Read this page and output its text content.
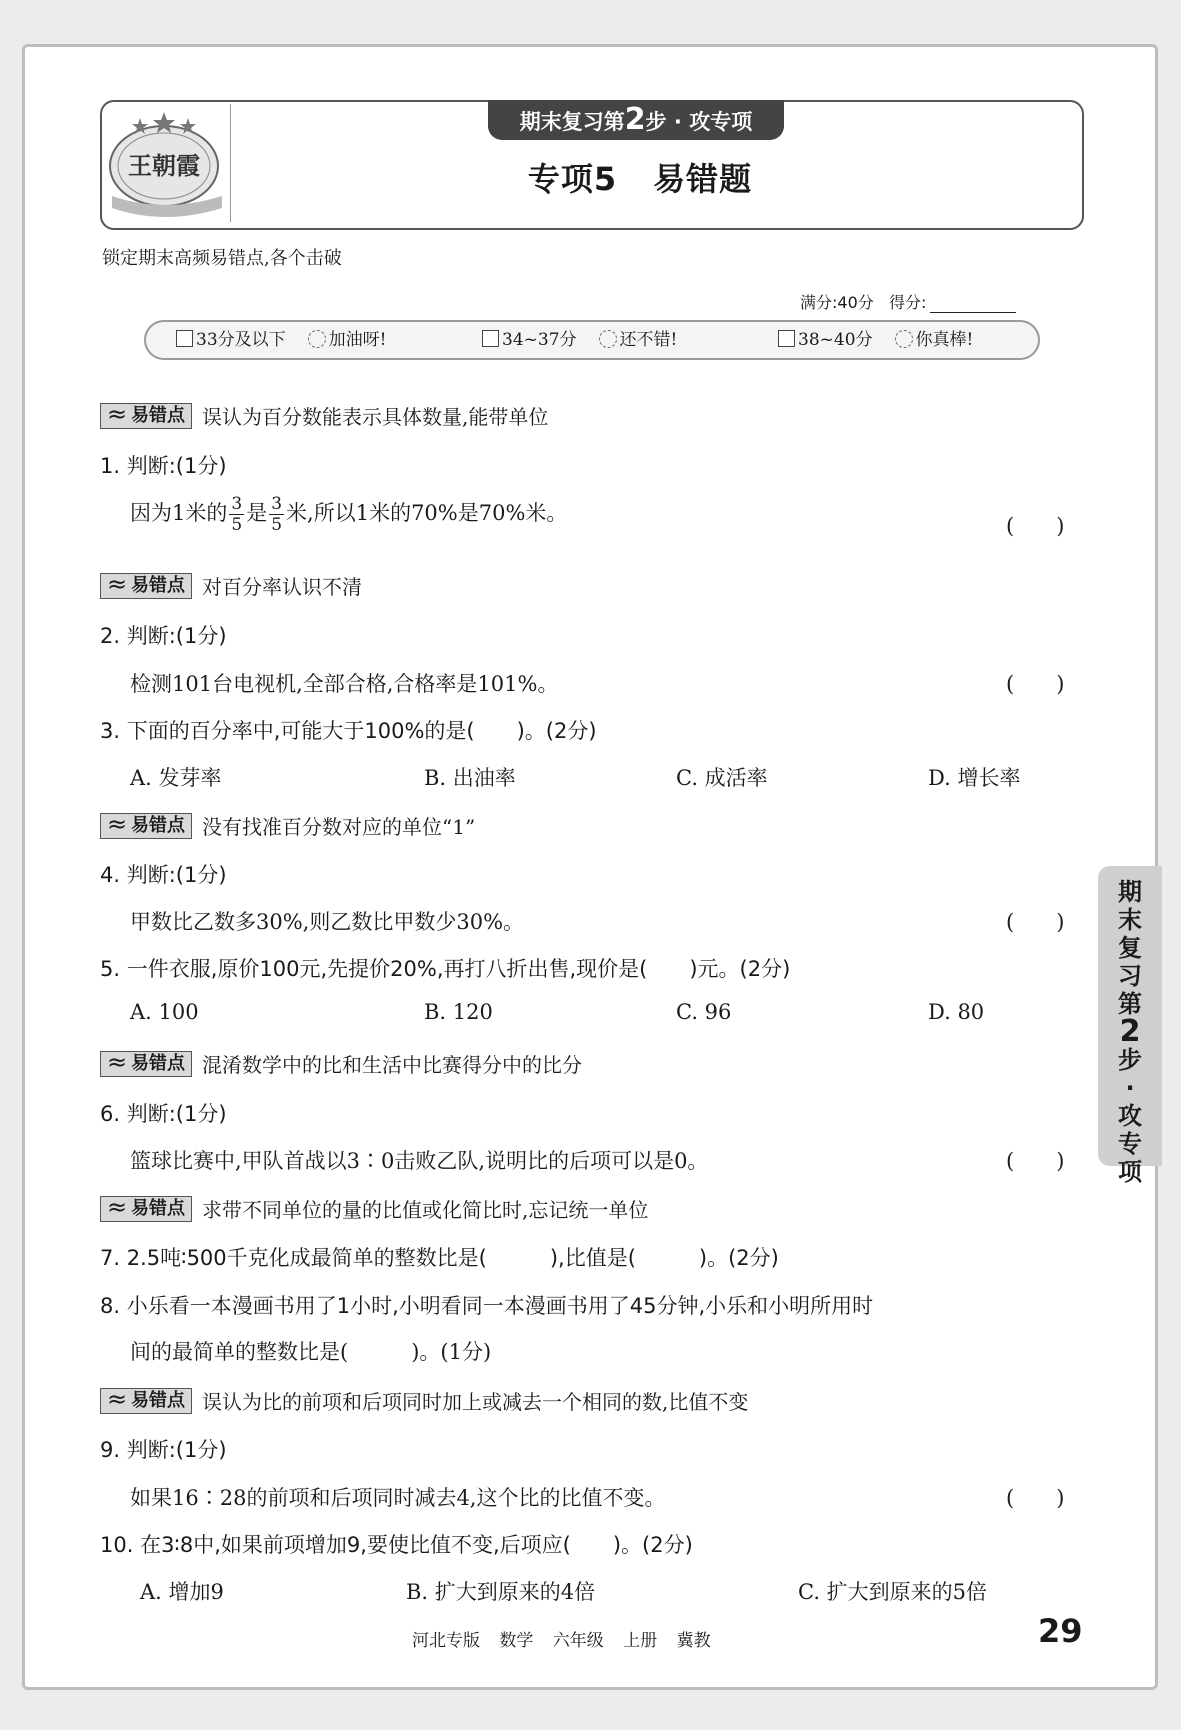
王朝霞
期末复习第2步 · 攻专项
专项5 易错题
锁定期末高频易错点,各个击破
满分:40分 得分:
33分及以下	加油呀!	34~37分	还不错!	38~40分	你真棒!
≈ 易错点 误认为百分数能表示具体数量,能带单位
1. 判断:(1分)
因为1米的 $\frac{3}{5}$ 是 $\frac{3}{5}$ 米,所以1米的70%是70%米。
(　　)
≈ 易错点 对百分率认识不清
2. 判断:(1分)
检测101台电视机,全部合格,合格率是101%。	(　　)
3. 下面的百分率中,可能大于100%的是(　　)。(2分)
A. 发芽率	B. 出油率	C. 成活率	D. 增长率
≈ 易错点 没有找准百分数对应的单位“1”
4. 判断:(1分)
甲数比乙数多30%,则乙数比甲数少30%。	(　　)
5. 一件衣服,原价100元,先提价20%,再打八折出售,现价是(　　)元。(2分)
A. 100	B. 120	C. 96	D. 80
≈ 易错点 混淆数学中的比和生活中比赛得分中的比分
6. 判断:(1分)
篮球比赛中,甲队首战以3∶0击败乙队,说明比的后项可以是0。	(　　)
≈ 易错点 求带不同单位的量的比值或化简比时,忘记统一单位
7. 2.5吨∶500千克化成最简单的整数比是(　　　),比值是(　　　)。(2分)
8. 小乐看一本漫画书用了1小时,小明看同一本漫画书用了45分钟,小乐和小明所用时
间的最简单的整数比是(　　　)。(1分)
≈ 易错点 误认为比的前项和后项同时加上或减去一个相同的数,比值不变
9. 判断:(1分)
如果16∶28的前项和后项同时减去4,这个比的比值不变。	(　　)
10. 在3∶8中,如果前项增加9,要使比值不变,后项应(　　)。(2分)
A. 增加9	B. 扩大到原来的4倍	C. 扩大到原来的5倍
期末复习第
2
步·攻专项
河北专版 数学 六年级 上册 冀教	29
